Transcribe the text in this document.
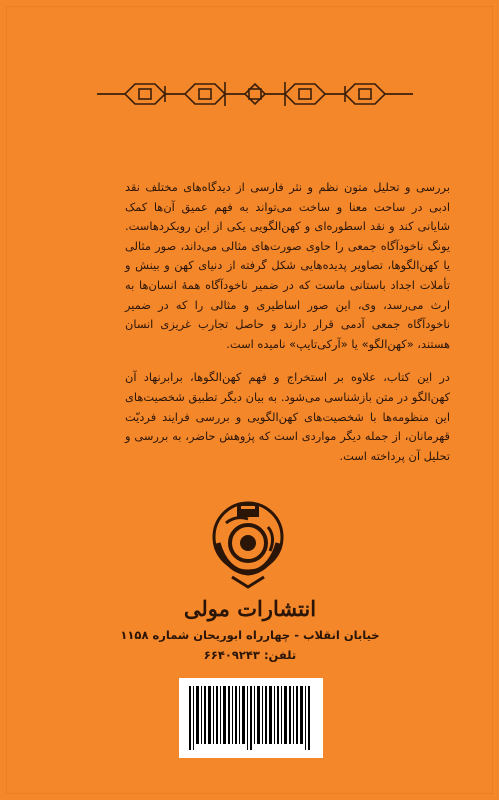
بررسی و تحلیل متون نظم و نثر فارسی از دیدگاه‌های مختلف نقد ادبی در ساحت معنا و ساخت می‌تواند به فهم عمیق آن‌ها کمک شایانی کند و نقد اسطوره‌ای و کهن‌الگویی یکی از این رویکردهاست. یونگ ناخودآگاه جمعی را حاوی صورت‌های مثالی می‌داند، صور مثالی یا کهن‌الگوها، تصاویر پدیده‌هایی شکل گرفته از دنیای کهن و بینش و تأملات اجداد باستانی ماست که در ضمیر ناخودآگاه همهٔ انسان‌ها به ارث می‌رسد، وی، این صور اساطیری و مثالی را که در ضمیر ناخودآگاه جمعی آدمی قرار دارند و حاصل تجارب غریزی انسان هستند، «کهن‌الگو» یا «آرکی‌تایپ» نامیده است.

در این کتاب، علاوه بر استخراج و فهم کهن‌الگوها، برابرنهاد آن کهن‌الگو در متن بازشناسی می‌شود. به بیان دیگر تطبیق شخصیت‌های این منظومه‌ها با شخصیت‌های کهن‌الگویی و بررسی فرایند فردیّت قهرمانان، از جمله دیگر مواردی است که پژوهش حاضر، به بررسی و تحلیل آن پرداخته است.

انتشارات مولی
خیابان انقلاب - چهارراه ابوریحان شماره ۱۱۵۸
تلفن: ۶۶۴۰۹۲۴۳
